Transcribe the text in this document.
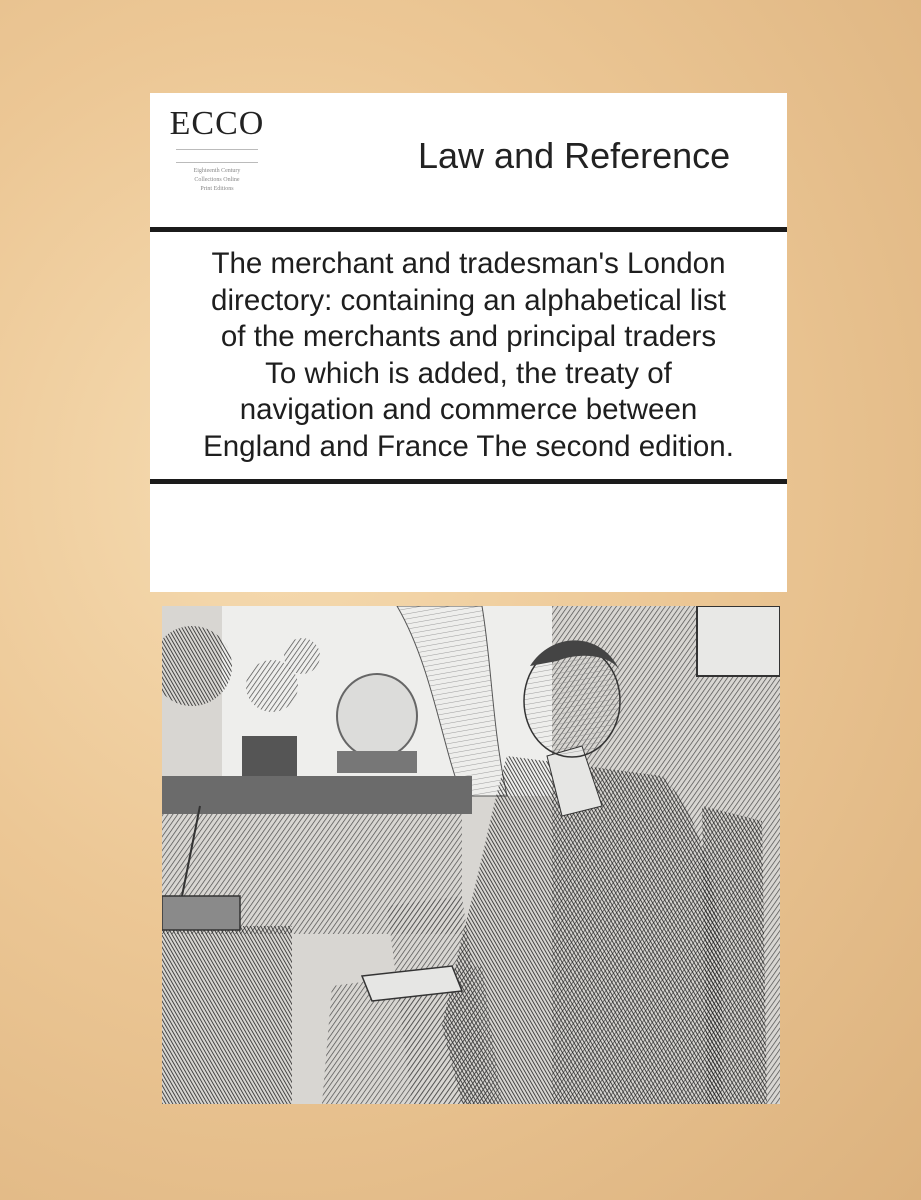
ECCO
Eighteenth Century
Collections Online
Print Editions
Law and Reference

The merchant and tradesman's London
directory: containing an alphabetical list
of the merchants and principal traders
To which is added, the treaty of
navigation and commerce between
England and France The second edition.
